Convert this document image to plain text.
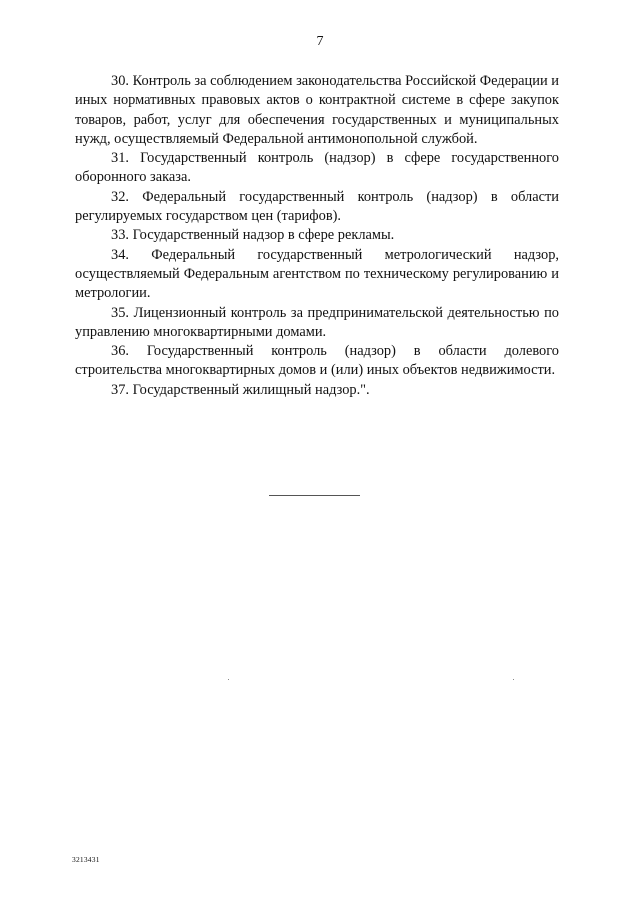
7

30. Контроль за соблюдением законодательства Российской Федерации и иных нормативных правовых актов о контрактной системе в сфере закупок товаров, работ, услуг для обеспечения государственных и муниципальных нужд, осуществляемый Федеральной антимонопольной службой.

31. Государственный контроль (надзор) в сфере государственного оборонного заказа.

32. Федеральный государственный контроль (надзор) в области регулируемых государством цен (тарифов).

33. Государственный надзор в сфере рекламы.

34. Федеральный государственный метрологический надзор, осуществляемый Федеральным агентством по техническому регулированию и метрологии.

35. Лицензионный контроль за предпринимательской деятельностью по управлению многоквартирными домами.

36. Государственный контроль (надзор) в области долевого строительства многоквартирных домов и (или) иных объектов недвижимости.

37. Государственный жилищный надзор.".

3213431
